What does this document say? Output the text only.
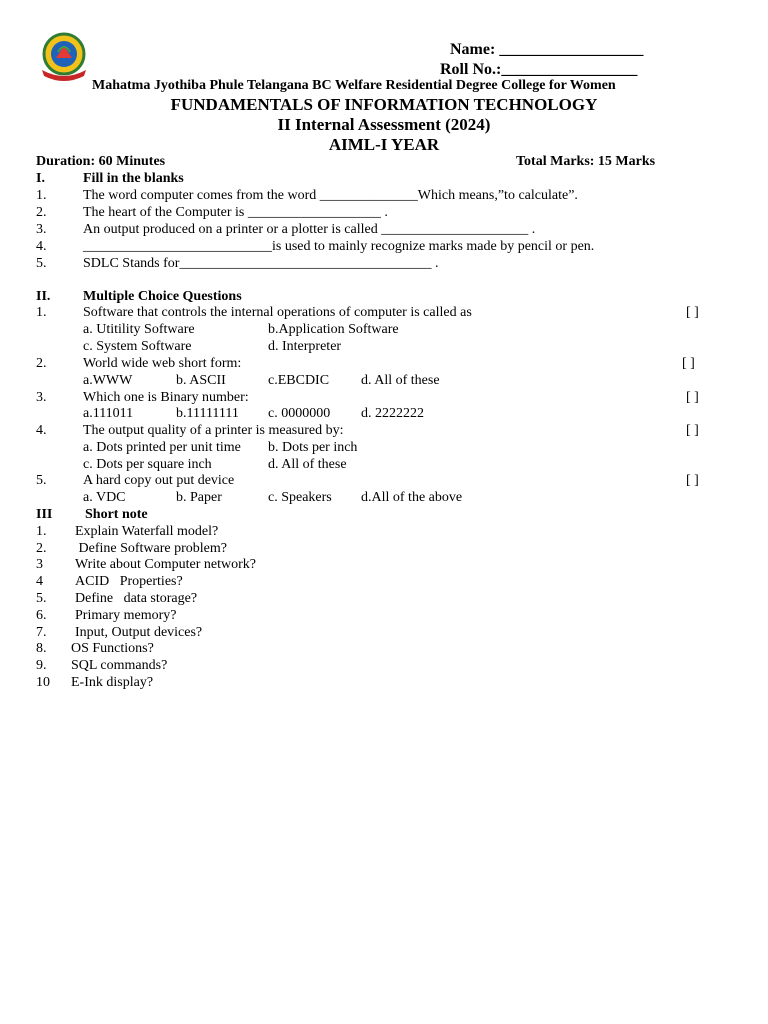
Name: __________________
Roll No.:_________________
Mahatma Jyothiba Phule Telangana BC Welfare Residential Degree College for Women
FUNDAMENTALS OF INFORMATION TECHNOLOGY
II Internal Assessment (2024)
AIML-I YEAR
Duration: 60 Minutes	Total Marks: 15 Marks
I.	Fill in the blanks
1.	The word computer comes from the word ______________Which means,”to calculate”.
2.	The heart of the Computer is ___________________ .
3.	An output produced on a printer or a plotter is called _____________________ .
4.	___________________________is used to mainly recognize marks made by pencil or pen.
5.	SDLC Stands for____________________________________ .
II. Multiple Choice Questions
1.	Software that controls the internal operations of computer is called as	[ ]
a. Utitility Software	b.Application Software
c. System Software	d. Interpreter
2.	World wide web short form:	[ ]
a.WWW	b. ASCII	c.EBCDIC d. All of these
3.	Which one is Binary number:	[ ]
a.111011	b.11111111 c. 0000000 d. 2222222
4.	The output quality of a printer is measured by:	[ ]
a. Dots printed per unit time b. Dots per inch
c. Dots per square inch	d. All of these
5.	A hard copy out put device	[ ]
a. VDC	b. Paper	c. Speakers d.All of the above
III Short note
1. Explain Waterfall model?
2. Define Software problem?
3 Write about Computer network?
4 ACID   Properties?
5. Define   data storage?
6. Primary memory?
7. Input, Output devices?
8. OS Functions?
9. SQL commands?
10 E-Ink display?
